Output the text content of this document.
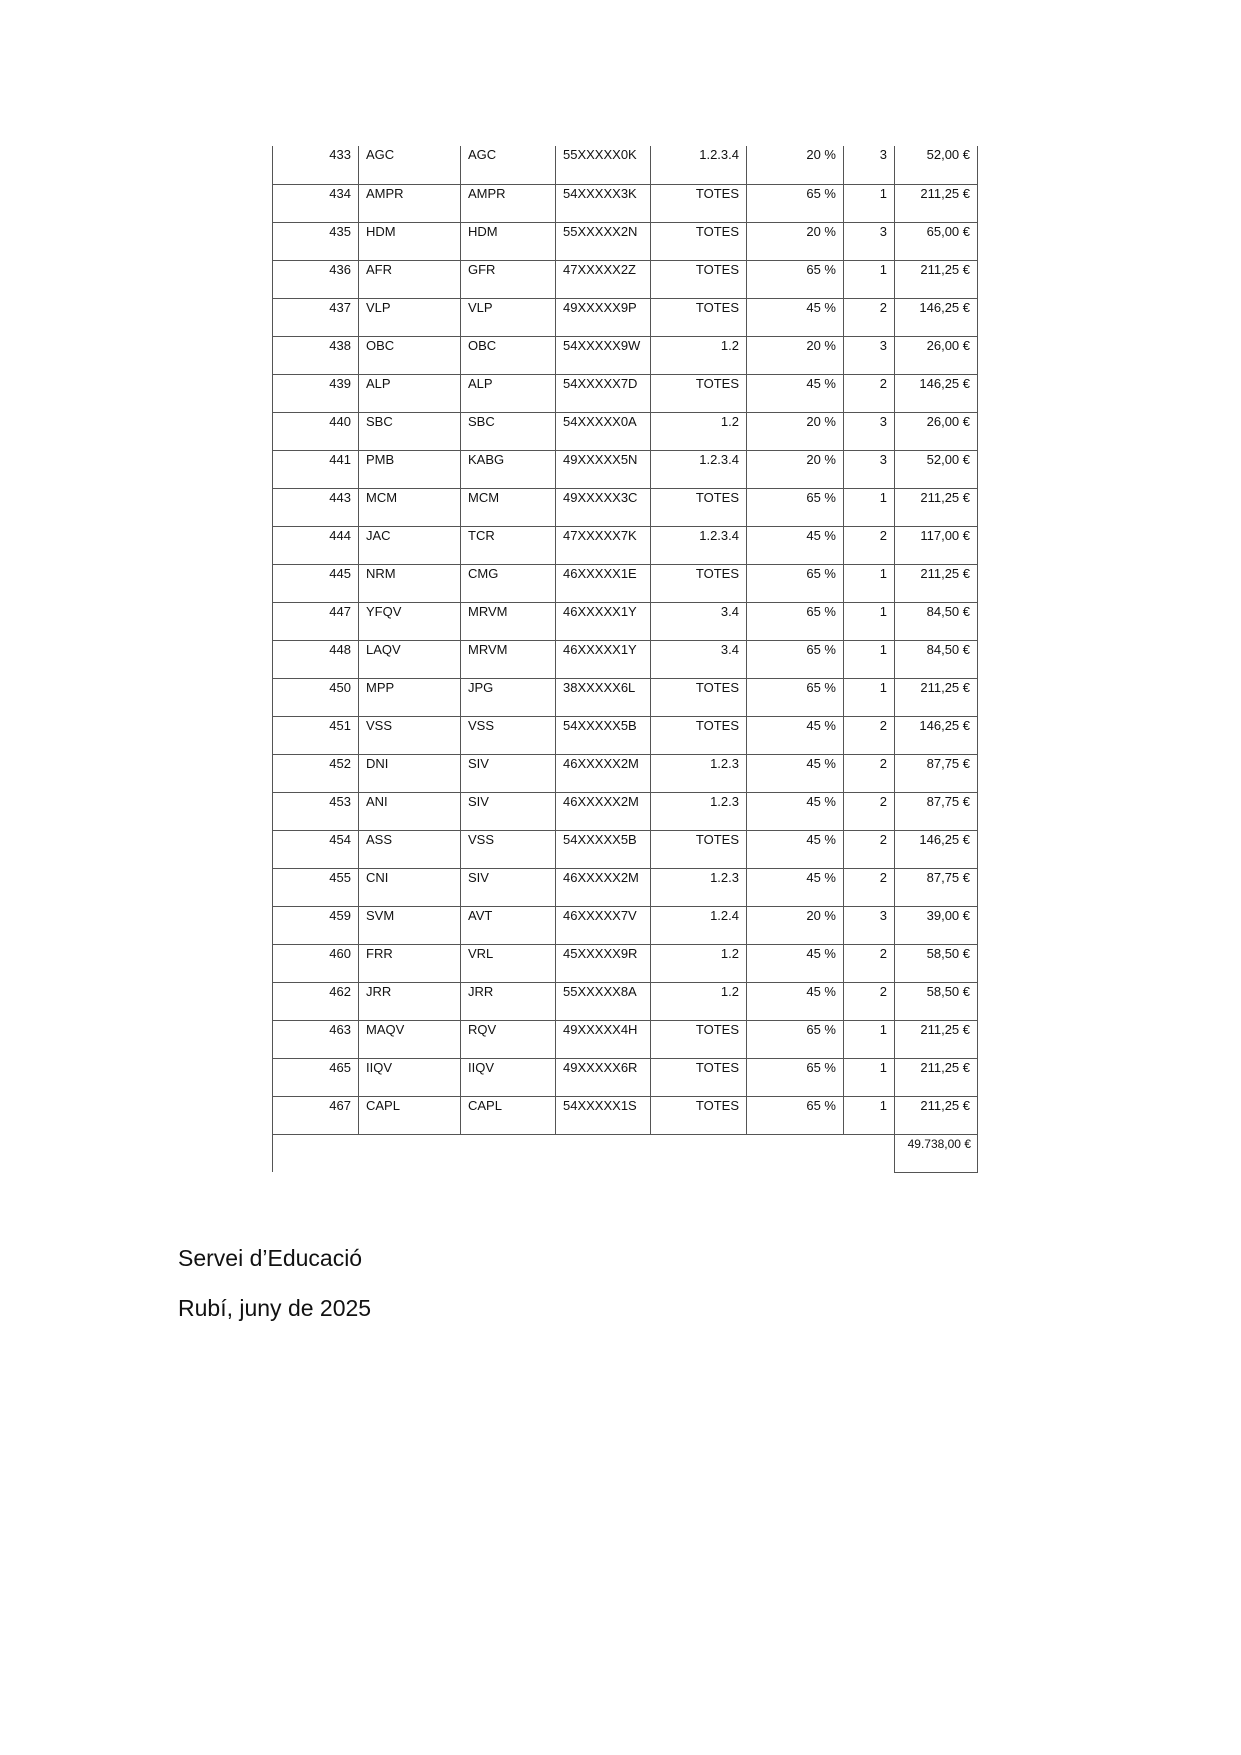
433	AGC	AGC	55XXXXX0K	1.2.3.4	20 %	3	52,00 €
434	AMPR	AMPR	54XXXXX3K	TOTES	65 %	1	211,25 €
435	HDM	HDM	55XXXXX2N	TOTES	20 %	3	65,00 €
436	AFR	GFR	47XXXXX2Z	TOTES	65 %	1	211,25 €
437	VLP	VLP	49XXXXX9P	TOTES	45 %	2	146,25 €
438	OBC	OBC	54XXXXX9W	1.2	20 %	3	26,00 €
439	ALP	ALP	54XXXXX7D	TOTES	45 %	2	146,25 €
440	SBC	SBC	54XXXXX0A	1.2	20 %	3	26,00 €
441	PMB	KABG	49XXXXX5N	1.2.3.4	20 %	3	52,00 €
443	MCM	MCM	49XXXXX3C	TOTES	65 %	1	211,25 €
444	JAC	TCR	47XXXXX7K	1.2.3.4	45 %	2	117,00 €
445	NRM	CMG	46XXXXX1E	TOTES	65 %	1	211,25 €
447	YFQV	MRVM	46XXXXX1Y	3.4	65 %	1	84,50 €
448	LAQV	MRVM	46XXXXX1Y	3.4	65 %	1	84,50 €
450	MPP	JPG	38XXXXX6L	TOTES	65 %	1	211,25 €
451	VSS	VSS	54XXXXX5B	TOTES	45 %	2	146,25 €
452	DNI	SIV	46XXXXX2M	1.2.3	45 %	2	87,75 €
453	ANI	SIV	46XXXXX2M	1.2.3	45 %	2	87,75 €
454	ASS	VSS	54XXXXX5B	TOTES	45 %	2	146,25 €
455	CNI	SIV	46XXXXX2M	1.2.3	45 %	2	87,75 €
459	SVM	AVT	46XXXXX7V	1.2.4	20 %	3	39,00 €
460	FRR	VRL	45XXXXX9R	1.2	45 %	2	58,50 €
462	JRR	JRR	55XXXXX8A	1.2	45 %	2	58,50 €
463	MAQV	RQV	49XXXXX4H	TOTES	65 %	1	211,25 €
465	IIQV	IIQV	49XXXXX6R	TOTES	65 %	1	211,25 €
467	CAPL	CAPL	54XXXXX1S	TOTES	65 %	1	211,25 €
							49.738,00 €

Servei d’Educació

Rubí, juny de 2025
